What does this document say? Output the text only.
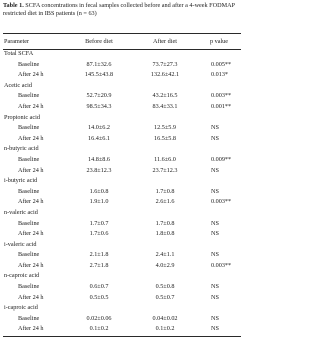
Table 1. SCFA concentrations in fecal samples collected before and after a 4-week FODMAP restricted diet in IBS patients (n = 63)
Parameter	Before diet	After diet	p value
Total SCFA			
Baseline	87.1±32.6	73.7±27.3	0.005**
After 24 h	145.5±43.8	132.6±42.1	0.013*
Acetic acid			
Baseline	52.7±20.9	43.2±16.5	0.003**
After 24 h	98.5±34.3	83.4±33.1	0.001**
Propionic acid			
Baseline	14.0±6.2	12.5±5.9	NS
After 24 h	16.4±6.1	16.5±5.8	NS
n-butyric acid			
Baseline	14.8±8.6	11.6±6.0	0.009**
After 24 h	23.8±12.3	23.7±12.3	NS
i-butyric acid			
Baseline	1.6±0.8	1.7±0.8	NS
After 24 h	1.9±1.0	2.6±1.6	0.003**
n-valeric acid			
Baseline	1.7±0.7	1.7±0.8	NS
After 24 h	1.7±0.6	1.8±0.8	NS
i-valeric acid			
Baseline	2.1±1.8	2.4±1.1	NS
After 24 h	2.7±1.8	4.0±2.9	0.003**
n-caproic acid			
Baseline	0.6±0.7	0.5±0.8	NS
After 24 h	0.5±0.5	0.5±0.7	NS
i-caproic acid			
Baseline	0.02±0.06	0.04±0.02	NS
After 24 h	0.1±0.2	0.1±0.2	NS
